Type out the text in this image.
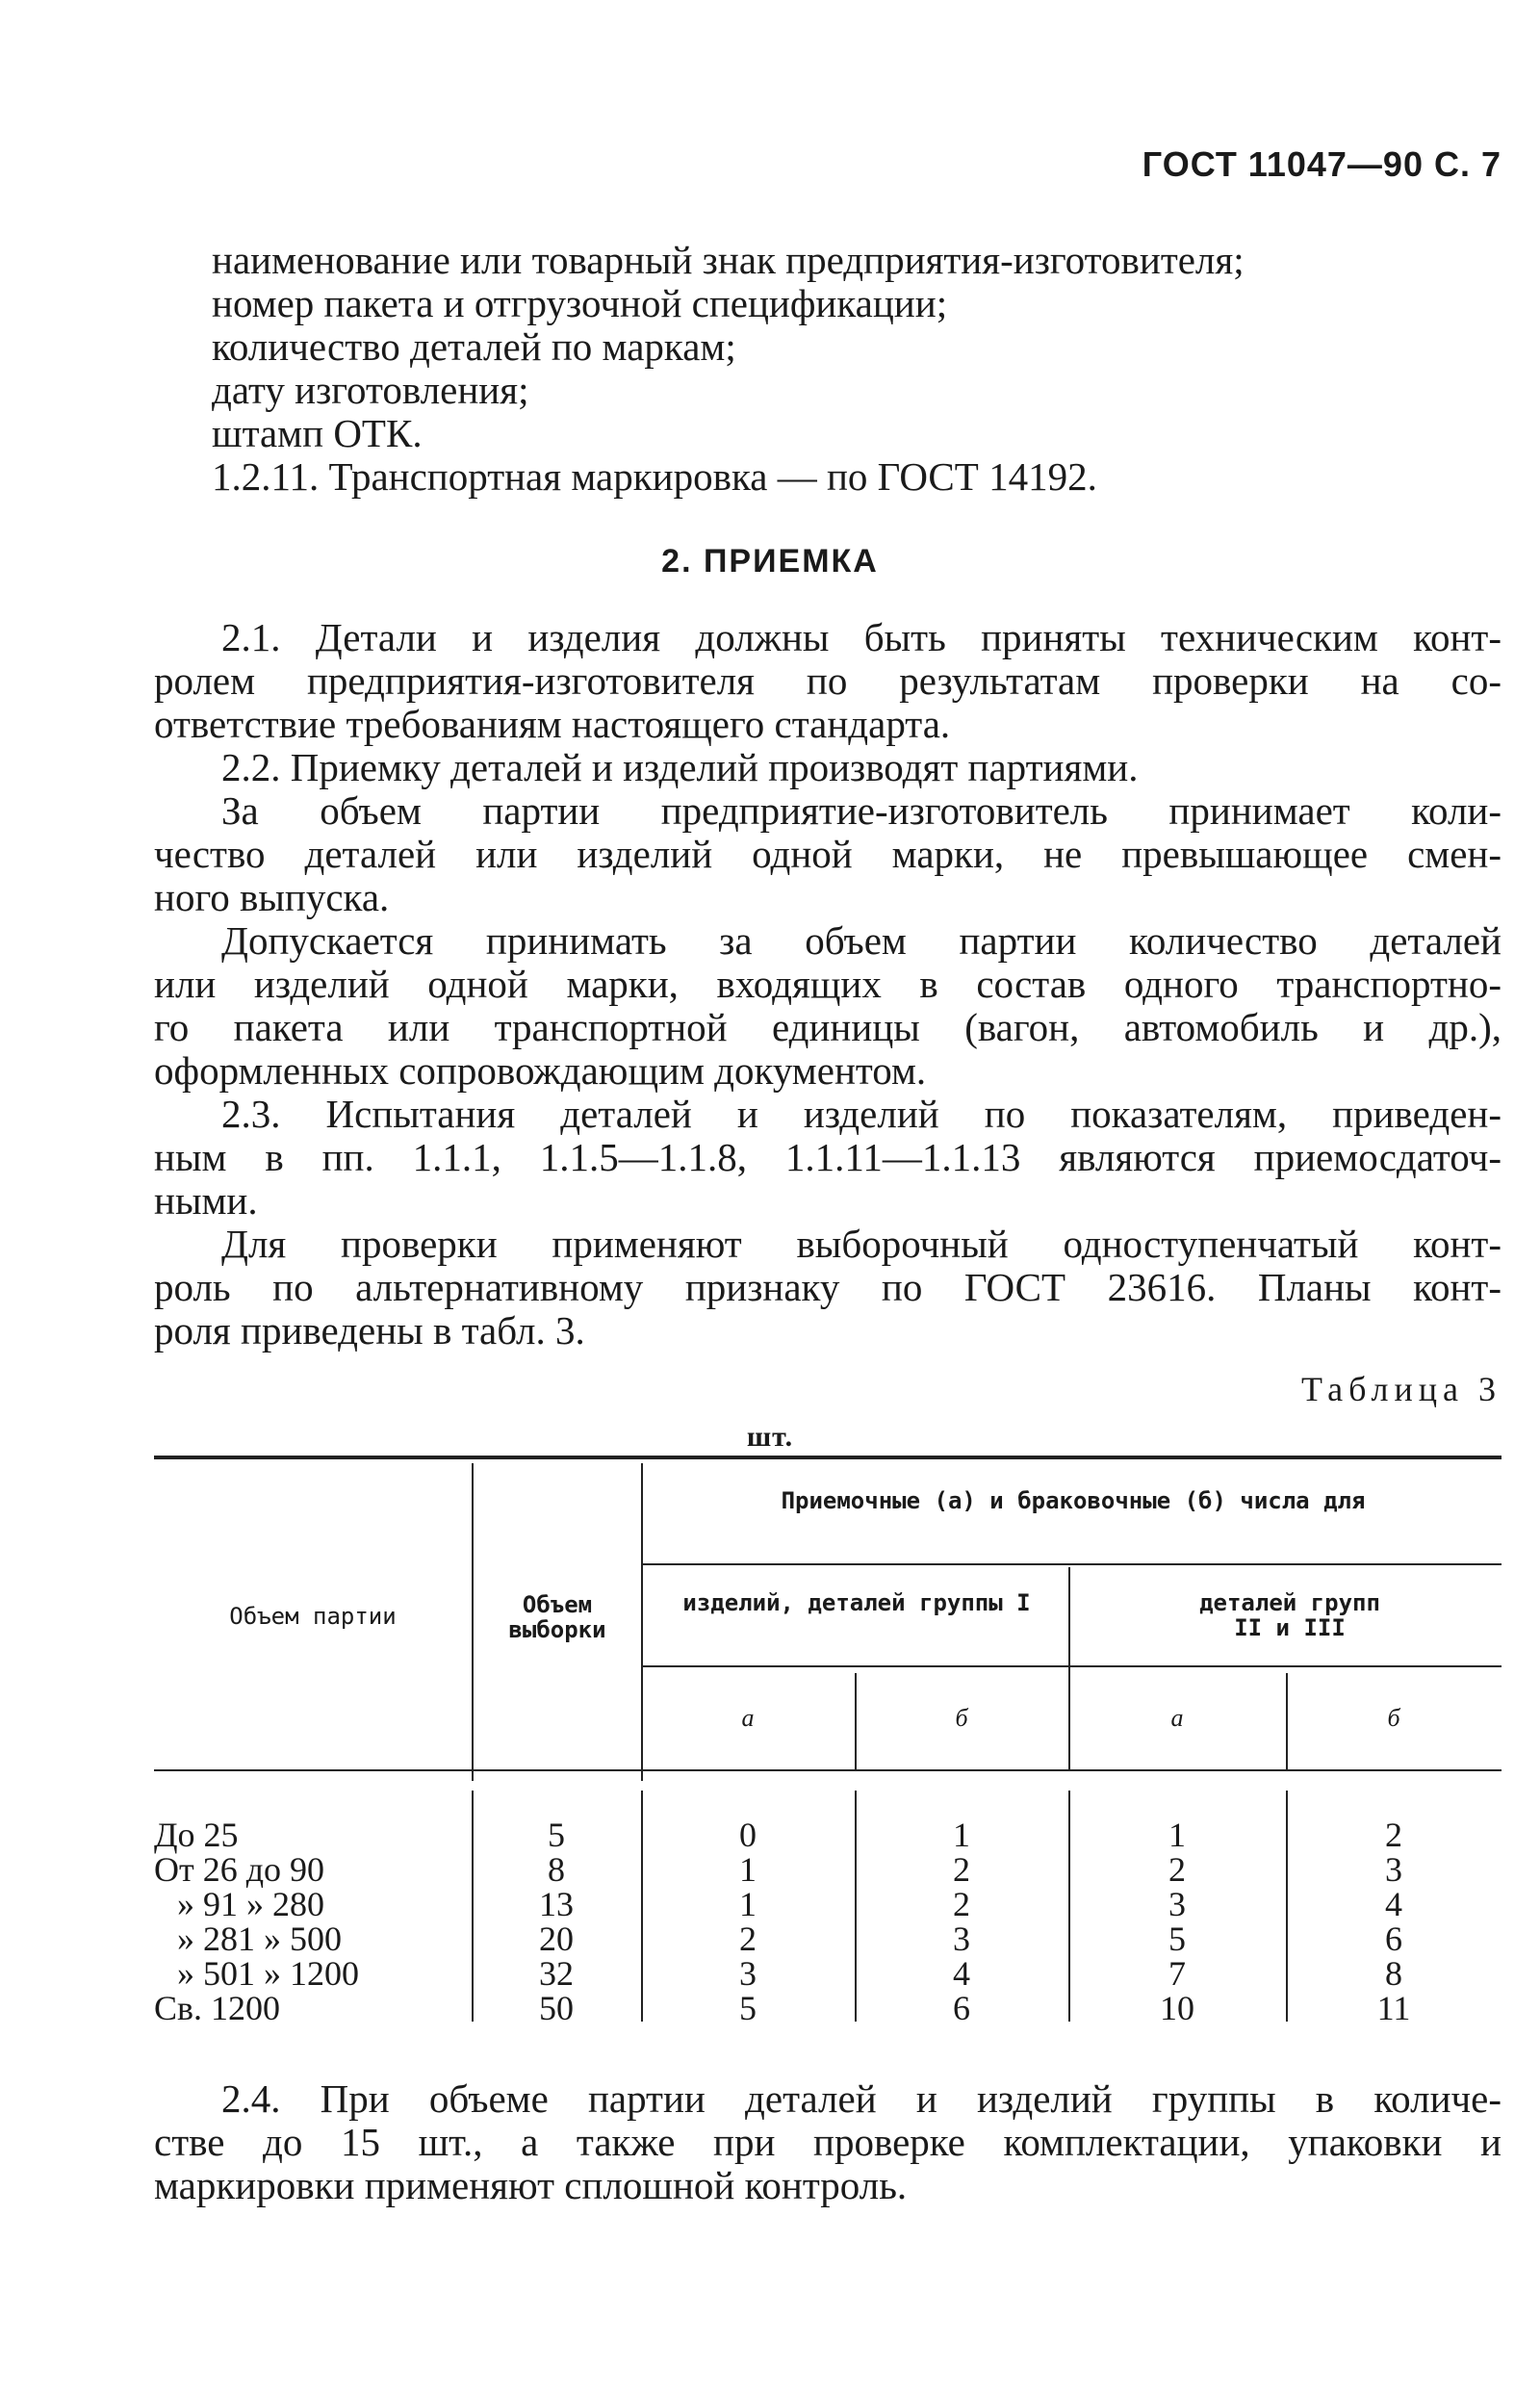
ГОСТ 11047—90 С. 7
наименование или товарный знак предприятия-изготовителя;
номер пакета и отгрузочной спецификации;
количество деталей по маркам;
дату изготовления;
штамп ОТК.
1.2.11. Транспортная маркировка — по ГОСТ 14192.
2. ПРИЕМКА
2.1. Детали и изделия должны быть приняты техническим конт-
ролем предприятия-изготовителя по результатам проверки на со-
ответствие требованиям настоящего стандарта.
2.2. Приемку деталей и изделий производят партиями.
За объем партии предприятие-изготовитель принимает коли-
чество деталей или изделий одной марки, не превышающее смен-
ного выпуска.
Допускается принимать за объем партии количество деталей
или изделий одной марки, входящих в состав одного транспортно-
го пакета или транспортной единицы (вагон, автомобиль и др.),
оформленных сопровождающим документом.
2.3. Испытания деталей и изделий по показателям, приведен-
ным в пп. 1.1.1, 1.1.5—1.1.8, 1.1.11—1.1.13 являются приемосдаточ-
ными.
Для проверки применяют выборочный одноступенчатый конт-
роль по альтернативному признаку по ГОСТ 23616. Планы конт-
роля приведены в табл. 3.
Таблица 3
шт.
Объем партии	Объем выборки
Приемочные (а) и браковочные (б) числа для
изделий, деталей группы I	деталей групп II и III
а	б	а	б
До 25	5	0	1	1	2
От 26 до 90	8	1	2	2	3
» 91 » 280	13	1	2	3	4
» 281 » 500	20	2	3	5	6
» 501 » 1200	32	3	4	7	8
Св. 1200	50	5	6	10	11
2.4. При объеме партии деталей и изделий группы в количе-
стве до 15 шт., а также при проверке комплектации, упаковки и
маркировки применяют сплошной контроль.
